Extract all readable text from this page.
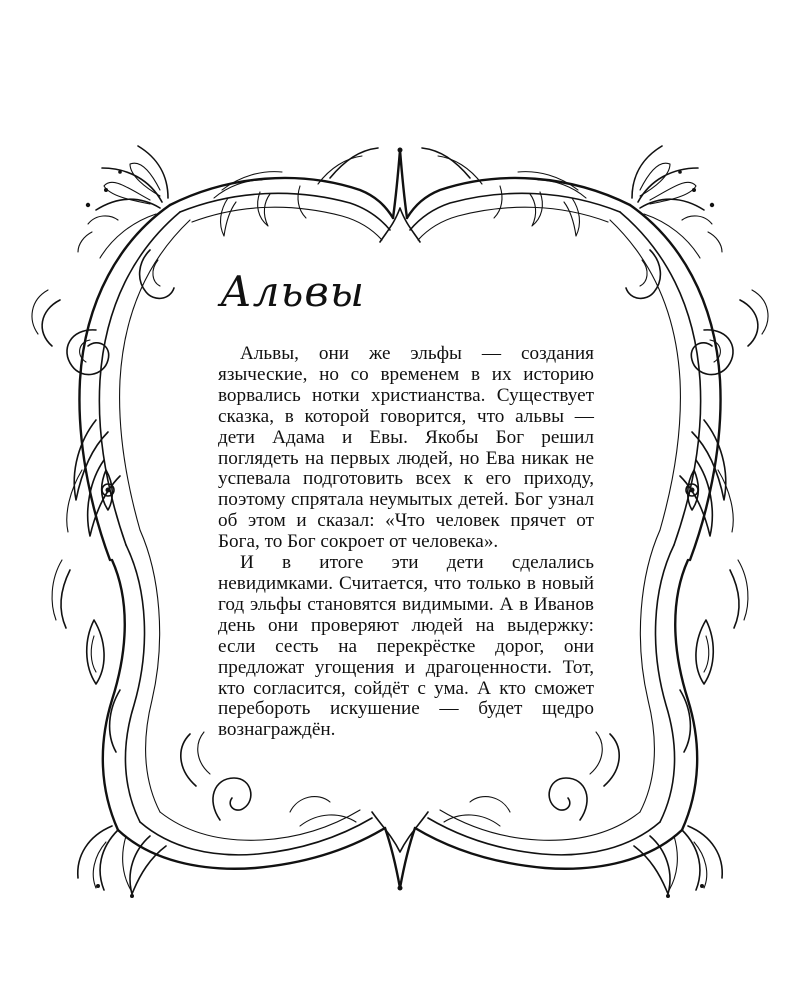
Альвы

Альвы, они же эльфы — создания языческие, но со временем в их историю ворвались нотки христианства. Существует сказка, в которой говорится, что альвы — дети Адама и Евы. Якобы Бог решил поглядеть на первых людей, но Ева никак не успевала подготовить всех к его приходу, поэтому спрятала неумытых детей. Бог узнал об этом и сказал: «Что человек прячет от Бога, то Бог сокроет от человека».

И в итоге эти дети сделались невидимками. Считается, что только в новый год эльфы становятся видимыми. А в Иванов день они проверяют людей на выдержку: если сесть на перекрёстке дорог, они предложат угощения и драгоценности. Тот, кто согласится, сойдёт с ума. А кто сможет перебороть искушение — будет щедро вознаграждён.
